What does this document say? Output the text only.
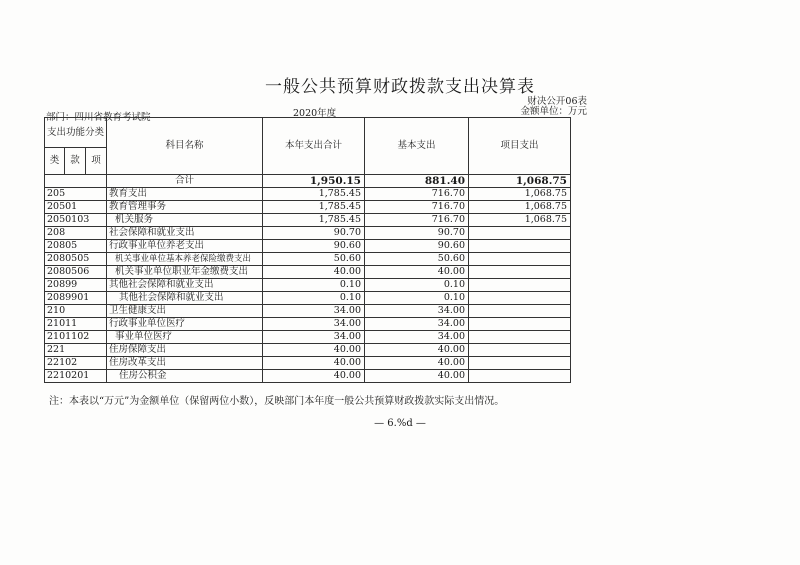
一般公共预算财政拨款支出决算表
财决公开06表
金额单位：万元
部门：四川省教育考试院	2020年度
支出功能分类			科目名称	本年支出合计	基本支出	项目支出
类	款	项				
			合计	1,950.15	881.40	1,068.75
205			教育支出	1,785.45	716.70	1,068.75
20501			教育管理事务	1,785.45	716.70	1,068.75
2050103			机关服务	1,785.45	716.70	1,068.75
208			社会保障和就业支出	90.70	90.70	
20805			行政事业单位养老支出	90.60	90.60	
2080505			机关事业单位基本养老保险缴费支出	50.60	50.60	
2080506			机关事业单位职业年金缴费支出	40.00	40.00	
20899			其他社会保障和就业支出	0.10	0.10	
2089901			其他社会保障和就业支出	0.10	0.10	
210			卫生健康支出	34.00	34.00	
21011			行政事业单位医疗	34.00	34.00	
2101102			事业单位医疗	34.00	34.00	
221			住房保障支出	40.00	40.00	
22102			住房改革支出	40.00	40.00	
2210201			住房公积金	40.00	40.00	
注：本表以“万元”为金额单位（保留两位小数），反映部门本年度一般公共预算财政拨款实际支出情况。
— 6.%d —
